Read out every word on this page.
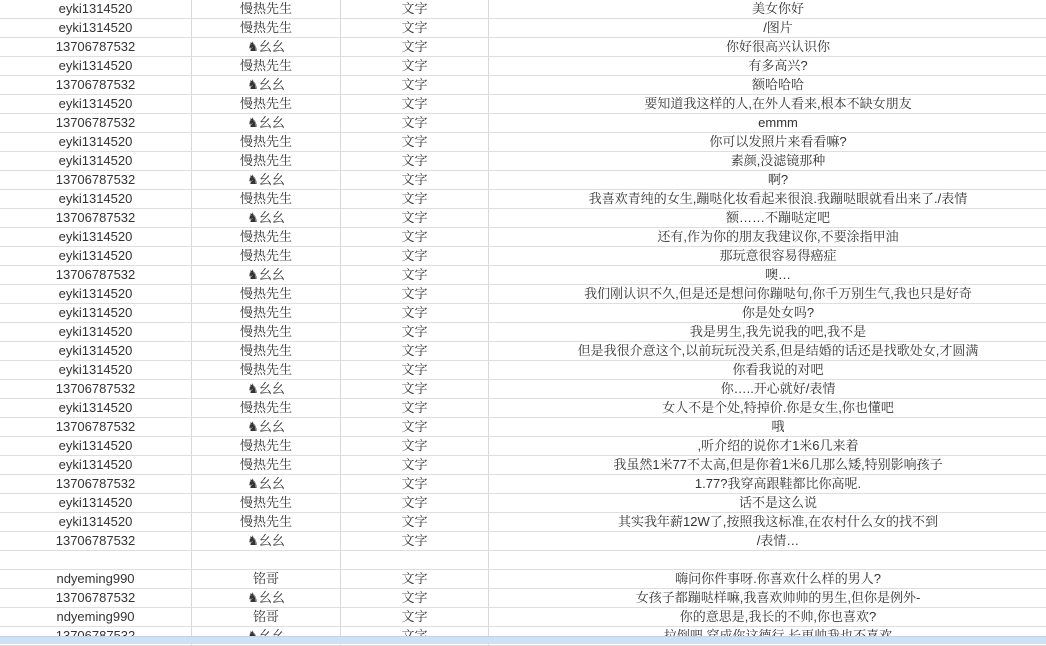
eyki1314520	慢热先生	文字	美女你好
eyki1314520	慢热先生	文字	/图片
13706787532	♞幺幺	文字	你好很高兴认识你
eyki1314520	慢热先生	文字	有多高兴?
13706787532	♞幺幺	文字	额哈哈哈
eyki1314520	慢热先生	文字	要知道我这样的人,在外人看来,根本不缺女朋友
13706787532	♞幺幺	文字	emmm
eyki1314520	慢热先生	文字	你可以发照片来看看嘛?
eyki1314520	慢热先生	文字	素颜,没滤镜那种
13706787532	♞幺幺	文字	啊?
eyki1314520	慢热先生	文字	我喜欢青纯的女生,蹦哒化妆看起来很浪.我蹦哒眼就看出来了./表情
13706787532	♞幺幺	文字	额……不蹦哒定吧
eyki1314520	慢热先生	文字	还有,作为你的朋友我建议你,不要涂指甲油
eyki1314520	慢热先生	文字	那玩意很容易得癌症
13706787532	♞幺幺	文字	噢…
eyki1314520	慢热先生	文字	我们刚认识不久,但是还是想问你蹦哒句,你千万别生气,我也只是好奇
eyki1314520	慢热先生	文字	你是处女吗?
eyki1314520	慢热先生	文字	我是男生,我先说我的吧,我不是
eyki1314520	慢热先生	文字	但是我很介意这个,以前玩玩没关系,但是结婚的话还是找歌处女,才圆满
eyki1314520	慢热先生	文字	你看我说的对吧
13706787532	♞幺幺	文字	你…..开心就好/表情
eyki1314520	慢热先生	文字	女人不是个处,特掉价.你是女生,你也懂吧
13706787532	♞幺幺	文字	哦
eyki1314520	慢热先生	文字	,听介绍的说你才1米6几来着
eyki1314520	慢热先生	文字	我虽然1米77不太高,但是你着1米6几那么矮,特别影响孩子
13706787532	♞幺幺	文字	1.77?我穿高跟鞋都比你高呢.
eyki1314520	慢热先生	文字	话不是这么说
eyki1314520	慢热先生	文字	其实我年薪12W了,按照我这标准,在农村什么女的找不到
13706787532	♞幺幺	文字	/表情…
ndyeming990	铭哥	文字	嗨问你件事呀.你喜欢什么样的男人?
13706787532	♞幺幺	文字	女孩子都蹦哒样嘛,我喜欢帅帅的男生,但你是例外-
ndyeming990	铭哥	文字	你的意思是,我长的不帅,你也喜欢?
